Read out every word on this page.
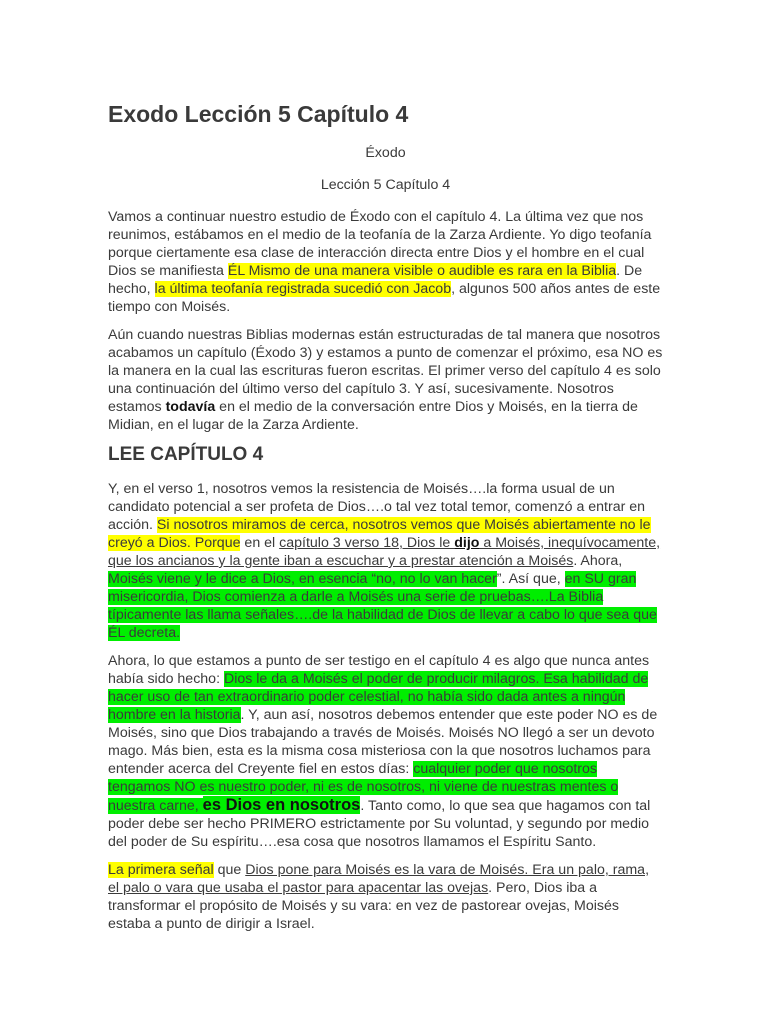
Exodo Lección 5 Capítulo 4
Éxodo
Lección 5 Capítulo 4

Vamos a continuar nuestro estudio de Éxodo con el capítulo 4. La última vez que nos reunimos, estábamos en el medio de la teofanía de la Zarza Ardiente. Yo digo teofanía porque ciertamente esa clase de interacción directa entre Dios y el hombre en el cual Dios se manifiesta ÉL Mismo de una manera visible o audible es rara en la Biblia. De hecho, la última teofanía registrada sucedió con Jacob, algunos 500 años antes de este tiempo con Moisés.

Aún cuando nuestras Biblias modernas están estructuradas de tal manera que nosotros acabamos un capítulo (Éxodo 3) y estamos a punto de comenzar el próximo, esa NO es la manera en la cual las escrituras fueron escritas. El primer verso del capítulo 4 es solo una continuación del último verso del capítulo 3. Y así, sucesivamente. Nosotros estamos todavía en el medio de la conversación entre Dios y Moisés, en la tierra de Midian, en el lugar de la Zarza Ardiente.

LEE CAPÍTULO 4

Y, en el verso 1, nosotros vemos la resistencia de Moisés….la forma usual de un candidato potencial a ser profeta de Dios….o tal vez total temor, comenzó a entrar en acción. Si nosotros miramos de cerca, nosotros vemos que Moisés abiertamente no le creyó a Dios. Porque en el capítulo 3 verso 18, Dios le dijo a Moisés, inequívocamente, que los ancianos y la gente iban a escuchar y a prestar atención a Moisés. Ahora, Moisés viene y le dice a Dios, en esencia “no, no lo van hacer”. Así que, en SU gran misericordia, Dios comienza a darle a Moisés una serie de pruebas….La Biblia típicamente las llama señales….de la habilidad de Dios de llevar a cabo lo que sea que ÉL decreta.

Ahora, lo que estamos a punto de ser testigo en el capítulo 4 es algo que nunca antes había sido hecho: Dios le da a Moisés el poder de producir milagros. Esa habilidad de hacer uso de tan extraordinario poder celestial, no había sido dada antes a ningún hombre en la historia. Y, aun así, nosotros debemos entender que este poder NO es de Moisés, sino que Dios trabajando a través de Moisés. Moisés NO llegó a ser un devoto mago. Más bien, esta es la misma cosa misteriosa con la que nosotros luchamos para entender acerca del Creyente fiel en estos días: cualquier poder que nosotros tengamos NO es nuestro poder, ni es de nosotros, ni viene de nuestras mentes o nuestra carne, es Dios en nosotros. Tanto como, lo que sea que hagamos con tal poder debe ser hecho PRIMERO estrictamente por Su voluntad, y segundo por medio del poder de Su espíritu….esa cosa que nosotros llamamos el Espíritu Santo.

La primera señal que Dios pone para Moisés es la vara de Moisés. Era un palo, rama, el palo o vara que usaba el pastor para apacentar las ovejas. Pero, Dios iba a transformar el propósito de Moisés y su vara: en vez de pastorear ovejas, Moisés estaba a punto de dirigir a Israel.
